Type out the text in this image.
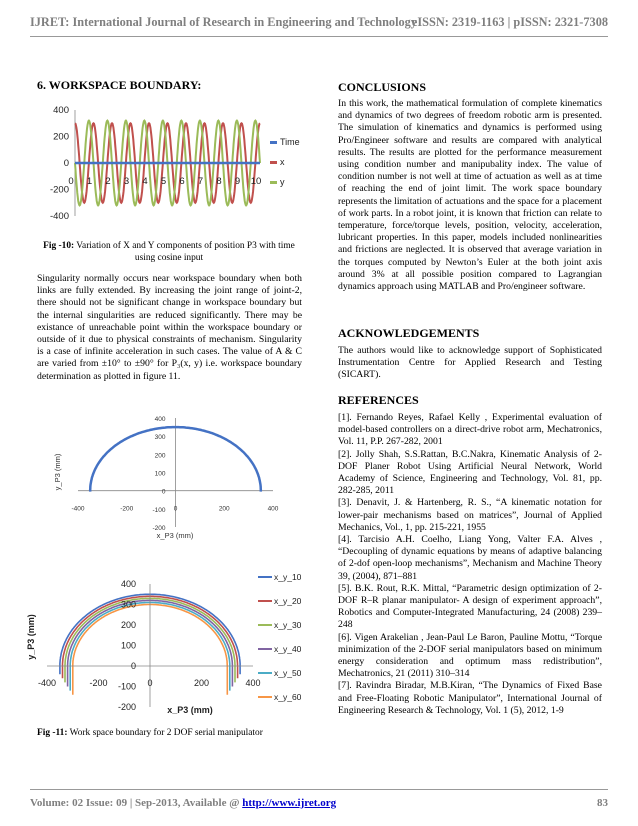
IJRET: International Journal of Research in Engineering and Technology
eISSN: 2319-1163 | pISSN: 2321-7308
6. WORKSPACE BOUNDARY:
400
200
0
-200
-400
0 1 2 3 4 5 6 7 8 9 10
Time
x
y
Fig -10: Variation of X and Y components of position P3 with time using cosine input
Singularity normally occurs near workspace boundary when both links are fully extended. By increasing the joint range of joint-2, there should not be significant change in workspace boundary but the internal singularities are reduced significantly. There may be existance of unreachable point within the workspace boundary or outside of it due to physical constraints of mechanism. Singularity is a case of infinite acceleration in such cases. The value of A & C are varied from ±10° to ±90° for P₃(x, y) i.e. workspace boundary determination as plotted in figure 11.
400
300
200
100
0
-100
-200
-400	-200	0	200	400
x_P3 (mm)
y_P3 (mm)
400
300
200
100
0
-100
-200
-400	-200	0	200	400
x_P3 (mm)
y_P3 (mm)
x_y_10
x_y_20
x_y_30
x_y_40
x_y_50
x_y_60
Fig -11: Work space boundary for 2 DOF serial manipulator
CONCLUSIONS
In this work, the mathematical formulation of complete kinematics and dynamics of two degrees of freedom robotic arm is presented. The simulation of kinematics and dynamics is performed using Pro/Engineer software and results are compared with analytical results. The results are plotted for the performance measurement using condition number and manipubality index. The value of condition number is not well at time of actuation as well as at time of reaching the end of joint limit. The work space boundary represents the limitation of actuations and the space for a placement of work parts. In a robot joint, it is known that friction can relate to temperature, force/torque levels, position, velocity, acceleration, lubricant properties. In this paper, models included nonlinearities and frictions are neglected. It is observed that average variation in the torques computed by Newton’s Euler at the both joint axis around 3% at all possible position compared to Lagrangian dynamics approach using MATLAB and Pro/engineer software.
ACKNOWLEDGEMENTS
The authors would like to acknowledge support of Sophisticated Instrumentation Centre for Applied Research and Testing (SICART).
REFERENCES

[1]. Fernando Reyes, Rafael Kelly , Experimental evaluation of model-based controllers on a direct-drive robot arm, Mechatronics, Vol. 11, P.P. 267-282, 2001

[2]. Jolly Shah, S.S.Rattan, B.C.Nakra, Kinematic Analysis of 2-DOF Planer Robot Using Artificial Neural Network, World Academy of Science, Engineering and Technology, Vol. 81, pp. 282-285, 2011

[3]. Denavit, J. & Hartenberg, R. S., “A kinematic notation for lower-pair mechanisms based on matrices”, Journal of Applied Mechanics, Vol., 1, pp. 215-221, 1955

[4]. Tarcisio A.H. Coelho, Liang Yong, Valter F.A. Alves , “Decoupling of dynamic equations by means of adaptive balancing of 2-dof open-loop mechanisms”, Mechanism and Machine Theory 39, (2004), 871–881

[5]. B.K. Rout, R.K. Mittal, “Parametric design optimization of 2-DOF R–R planar manipulator- A design of experiment approach”, Robotics and Computer-Integrated Manufacturing, 24 (2008) 239–248

[6]. Vigen Arakelian , Jean-Paul Le Baron, Pauline Mottu, “Torque minimization of the 2-DOF serial manipulators based on minimum energy consideration and optimum mass redistribution”, Mechatronics, 21 (2011) 310–314

[7]. Ravindra Biradar, M.B.Kiran, “The Dynamics of Fixed Base and Free-Floating Robotic Manipulator”, International Journal of Engineering Research & Technology, Vol. 1 (5), 2012, 1-9

Volume: 02 Issue: 09 | Sep-2013, Available @ http://www.ijret.org	83
